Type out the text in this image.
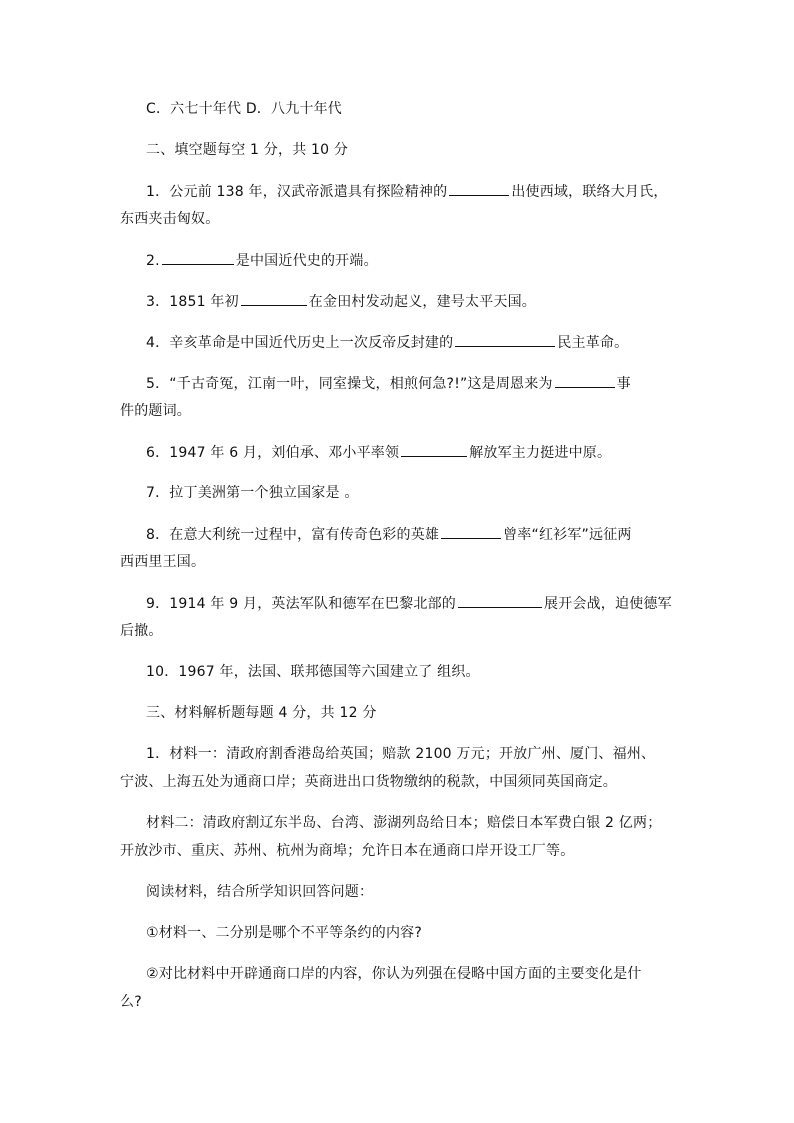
C．六七十年代 D．八九十年代
二、填空题每空 1 分，共 10 分
1．公元前 138 年，汉武帝派遣具有探险精神的	出使西域，联络大月氏，
东西夹击匈奴。
2.	是中国近代史的开端。
3．1851 年初	在金田村发动起义，建号太平天国。
4．辛亥革命是中国近代历史上一次反帝反封建的	民主革命。
5．“千古奇冤，江南一叶，同室操戈，相煎何急?!”这是周恩来为	事
件的题词。
6．1947 年 6 月，刘伯承、邓小平率领	解放军主力挺进中原。
7．拉丁美洲第一个独立国家是 。
8．在意大利统一过程中，富有传奇色彩的英雄	曾率“红衫军”远征两
西西里王国。
9．1914 年 9 月，英法军队和德军在巴黎北部的	展开会战，迫使德军
后撤。
10．1967 年，法国、联邦德国等六国建立了 组织。
三、材料解析题每题 4 分，共 12 分
1．材料一：清政府割香港岛给英国；赔款 2100 万元；开放广州、厦门、福州、
宁波、上海五处为通商口岸；英商进出口货物缴纳的税款，中国须同英国商定。
材料二：清政府割辽东半岛、台湾、澎湖列岛给日本；赔偿日本军费白银 2 亿两；
开放沙市、重庆、苏州、杭州为商埠；允许日本在通商口岸开设工厂等。
阅读材料，结合所学知识回答问题：
①材料一、二分别是哪个不平等条约的内容?
②对比材料中开辟通商口岸的内容，你认为列强在侵略中国方面的主要变化是什
么?
